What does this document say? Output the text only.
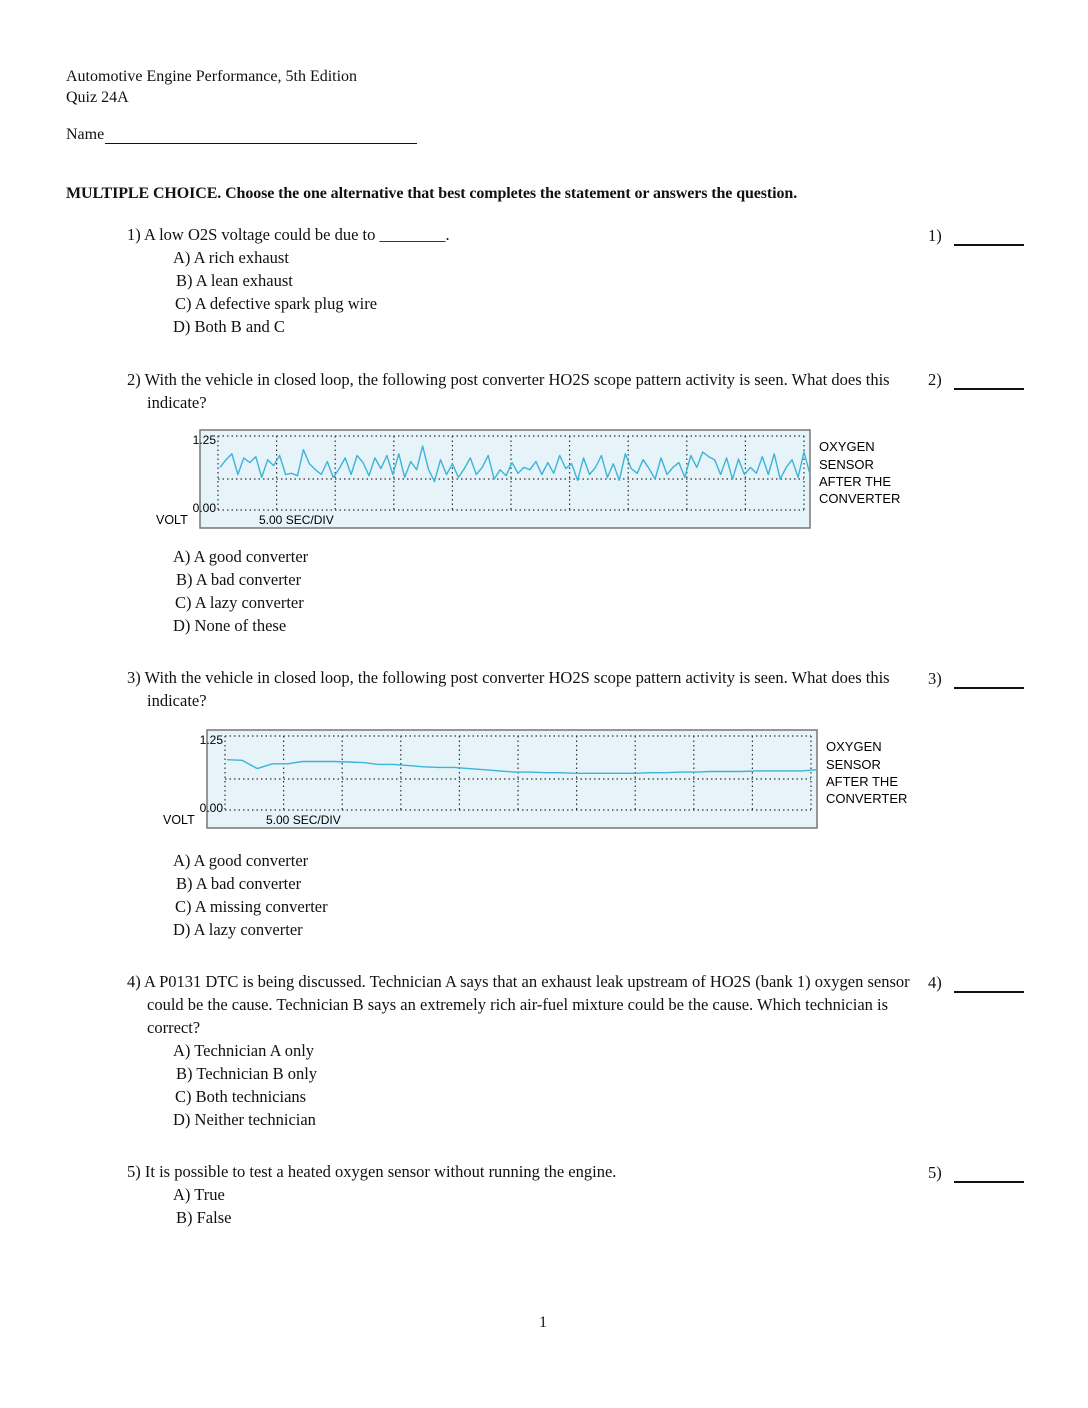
Automotive Engine Performance, 5th Edition
Quiz 24A
Name
MULTIPLE CHOICE. Choose the one alternative that best completes the statement or answers the question.
1) A low O2S voltage could be due to ________.
A) A rich exhaust
B) A lean exhaust
C) A defective spark plug wire
D) Both B and C
1)
2) With the vehicle in closed loop, the following post converter HO2S scope pattern activity is seen. What does this indicate?
2)
1.25
0.00
VOLT	5.00 SEC/DIV
OXYGEN
SENSOR
AFTER THE
CONVERTER
A) A good converter
B) A bad converter
C) A lazy converter
D) None of these
3) With the vehicle in closed loop, the following post converter HO2S scope pattern activity is seen. What does this indicate?
3)
1.25
0.00
VOLT	5.00 SEC/DIV
OXYGEN
SENSOR
AFTER THE
CONVERTER
A) A good converter
B) A bad converter
C) A missing converter
D) A lazy converter
4) A P0131 DTC is being discussed. Technician A says that an exhaust leak upstream of HO2S (bank 1) oxygen sensor could be the cause. Technician B says an extremely rich air-fuel mixture could be the cause. Which technician is correct?
A) Technician A only
B) Technician B only
C) Both technicians
D) Neither technician
4)
5) It is possible to test a heated oxygen sensor without running the engine.
A) True
B) False
5)
1
